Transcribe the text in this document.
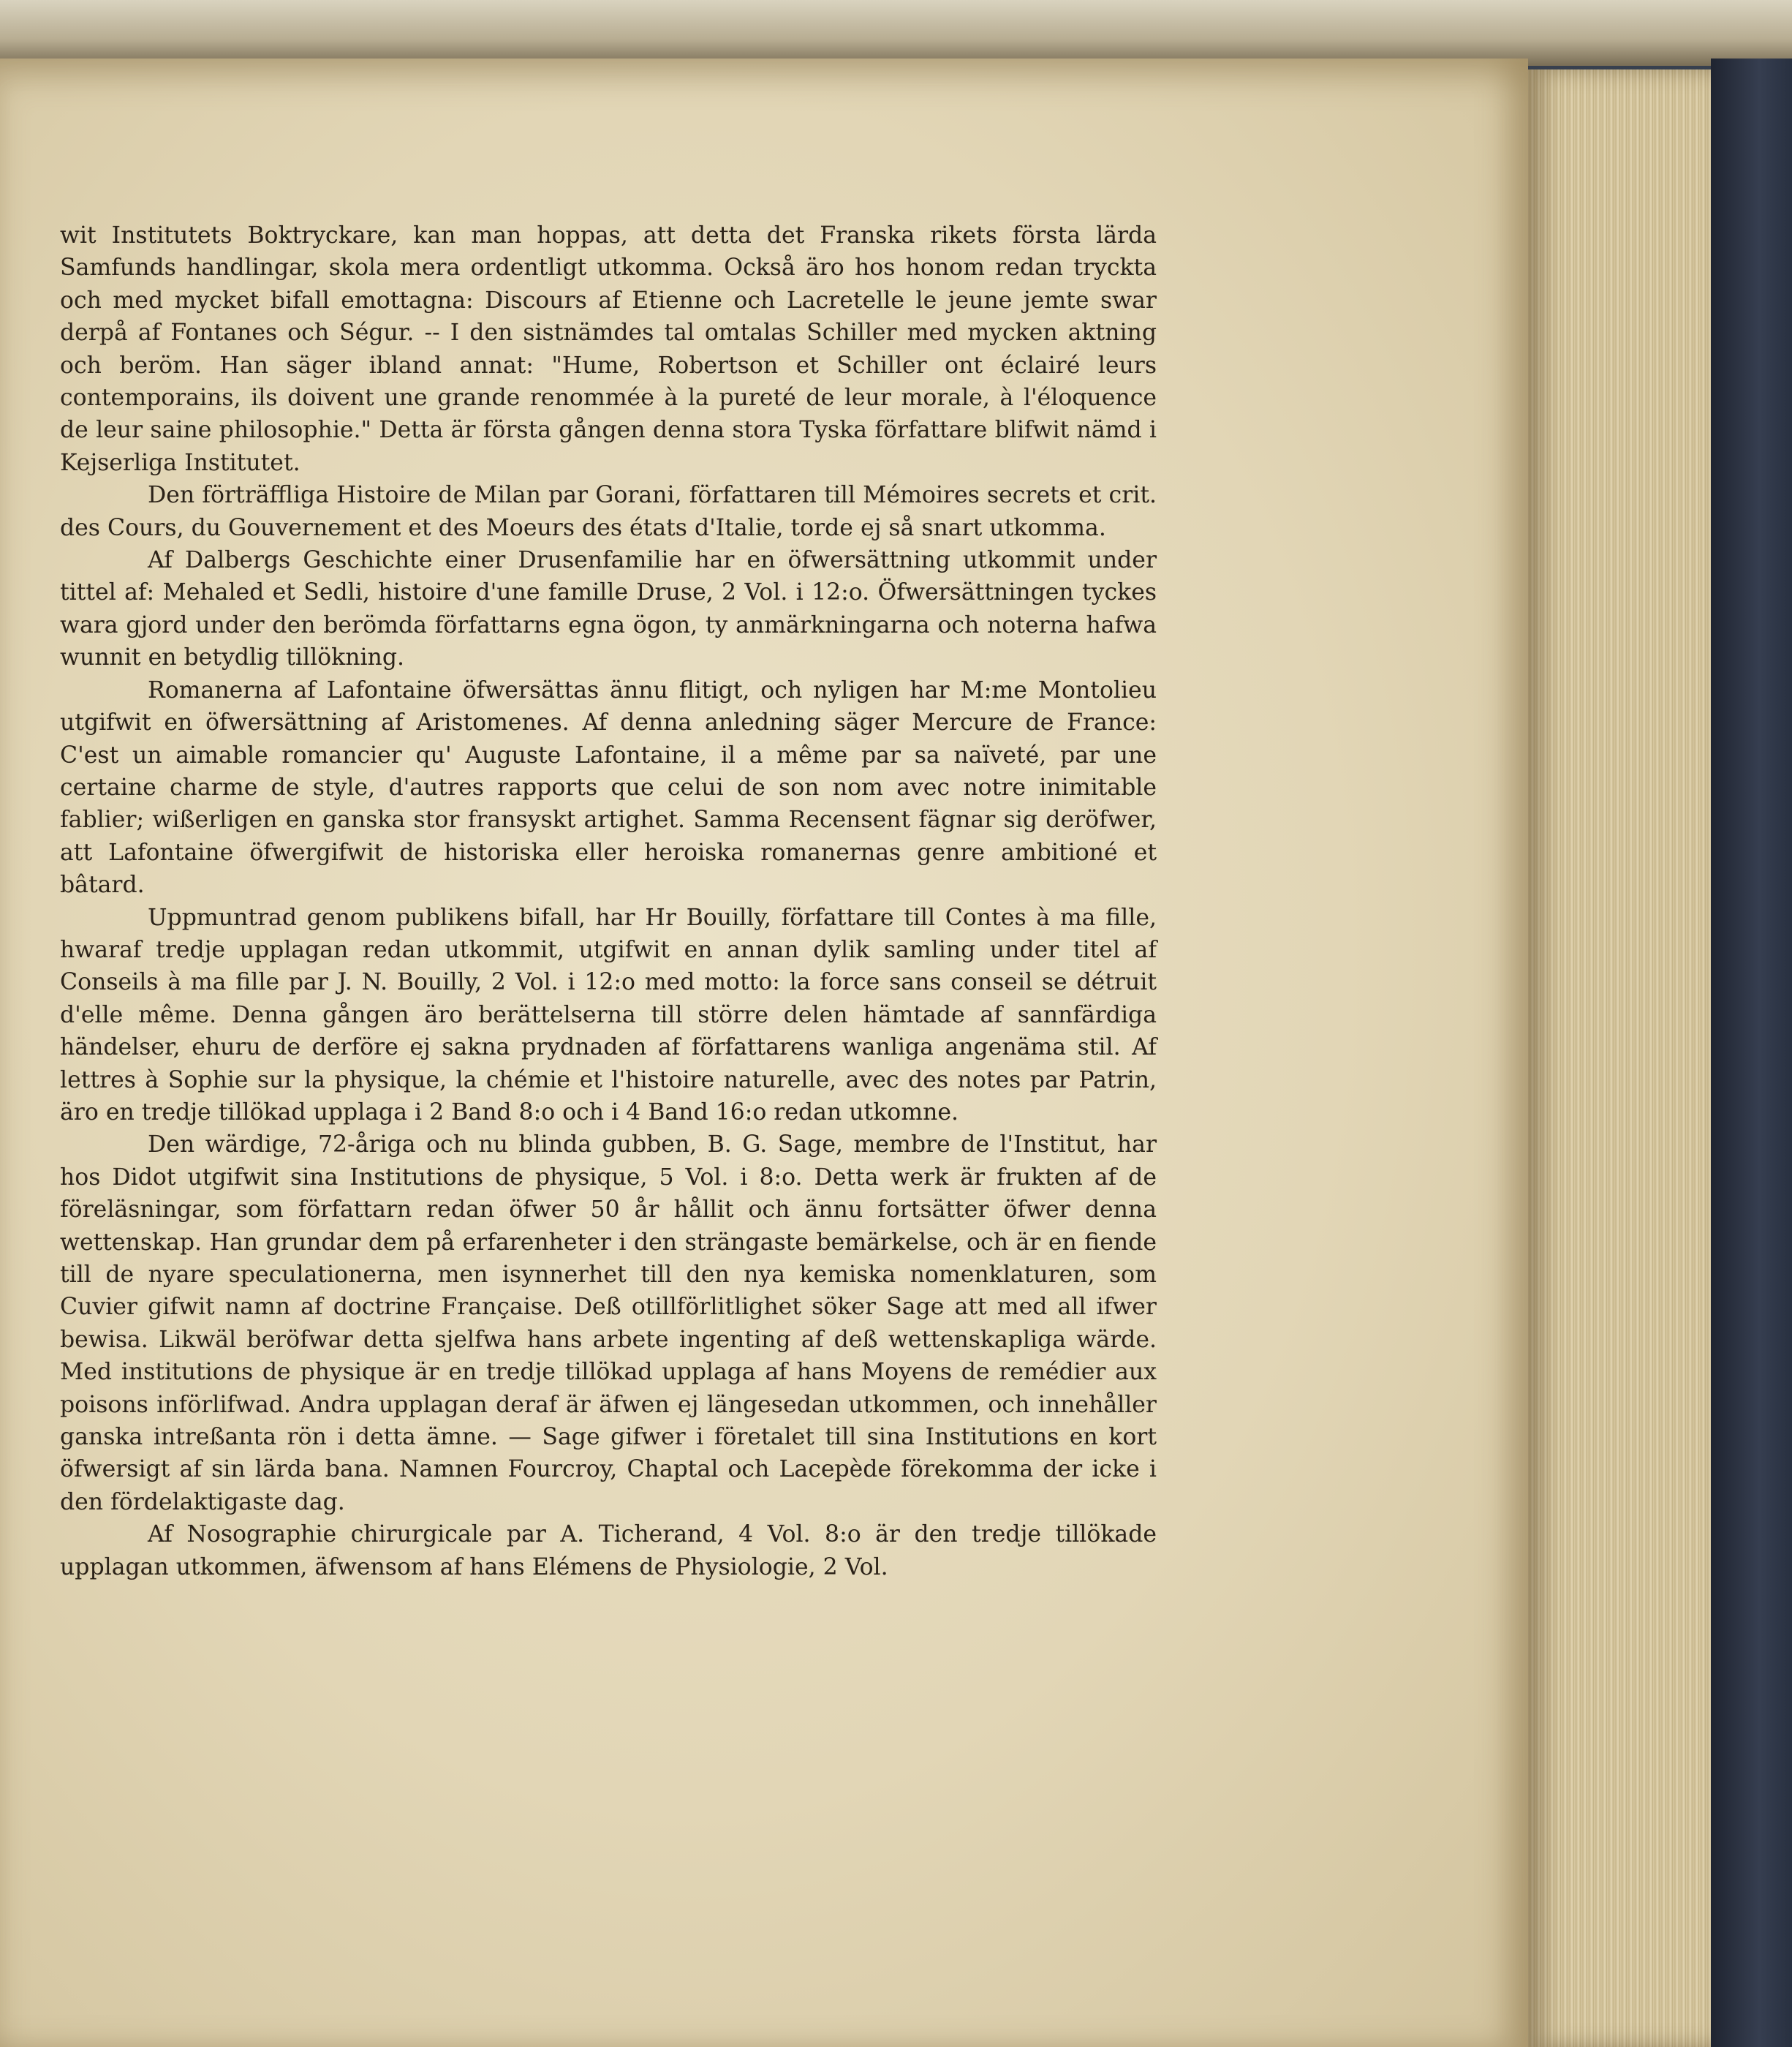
wit Institutets Boktryckare, kan man hoppas, att detta det Franska rikets första lärda Samfunds handlingar, skola mera ordentligt utkomma. Också äro hos honom redan tryckta och med mycket bifall emottagna: Discours af Etienne och Lacretelle le jeune jemte swar derpå af Fontanes och Ségur. -- I den sistnämdes tal omtalas Schiller med mycken aktning och beröm. Han säger ibland annat: "Hume, Robertson et Schiller ont éclairé leurs contemporains, ils doivent une grande renommée à la pureté de leur morale, à l'éloquence de leur saine philosophie." Detta är första gången denna stora Tyska författare blifwit nämd i Kejserliga Institutet.

Den förträffliga Histoire de Milan par Gorani, författaren till Mémoires secrets et crit. des Cours, du Gouvernement et des Moeurs des états d'Italie, torde ej så snart utkomma.

Af Dalbergs Geschichte einer Drusenfamilie har en öfwersättning utkommit under tittel af: Mehaled et Sedli, histoire d'une famille Druse, 2 Vol. i 12:o. Öfwersättningen tyckes wara gjord under den berömda författarns egna ögon, ty anmärkningarna och noterna hafwa wunnit en betydlig tillökning.

Romanerna af Lafontaine öfwersättas ännu flitigt, och nyligen har M:me Montolieu utgifwit en öfwersättning af Aristomenes. Af denna anledning säger Mercure de France: C'est un aimable romancier qu' Auguste Lafontaine, il a même par sa naïveté, par une certaine charme de style, d'autres rapports que celui de son nom avec notre inimitable fablier; wißerligen en ganska stor fransyskt artighet. Samma Recensent fägnar sig deröfwer, att Lafontaine öfwergifwit de historiska eller heroiska romanernas genre ambitioné et bâtard.

Uppmuntrad genom publikens bifall, har Hr Bouilly, författare till Contes à ma fille, hwaraf tredje upplagan redan utkommit, utgifwit en annan dylik samling under titel af Conseils à ma fille par J. N. Bouilly, 2 Vol. i 12:o med motto: la force sans conseil se détruit d'elle même. Denna gången äro berättelserna till större delen hämtade af sannfärdiga händelser, ehuru de derföre ej sakna prydnaden af författarens wanliga angenäma stil. Af lettres à Sophie sur la physique, la chémie et l'histoire naturelle, avec des notes par Patrin, äro en tredje tillökad upplaga i 2 Band 8:o och i 4 Band 16:o redan utkomne.

Den wärdige, 72-åriga och nu blinda gubben, B. G. Sage, membre de l'Institut, har hos Didot utgifwit sina Institutions de physique, 5 Vol. i 8:o. Detta werk är frukten af de föreläsningar, som författarn redan öfwer 50 år hållit och ännu fortsätter öfwer denna wettenskap. Han grundar dem på erfarenheter i den strängaste bemärkelse, och är en fiende till de nyare speculationerna, men isynnerhet till den nya kemiska nomenklaturen, som Cuvier gifwit namn af doctrine Française. Deß otillförlitlighet söker Sage att med all ifwer bewisa. Likwäl beröfwar detta sjelfwa hans arbete ingenting af deß wettenskapliga wärde. Med institutions de physique är en tredje tillökad upplaga af hans Moyens de remédier aux poisons införlifwad. Andra upplagan deraf är äfwen ej längesedan utkommen, och innehåller ganska intreßanta rön i detta ämne. — Sage gifwer i företalet till sina Institutions en kort öfwersigt af sin lärda bana. Namnen Fourcroy, Chaptal och Lacepède förekomma der icke i den fördelaktigaste dag.

Af Nosographie chirurgicale par A. Ticherand, 4 Vol. 8:o är den tredje tillökade upplagan utkommen, äfwensom af hans Elémens de Physiologie, 2 Vol.
